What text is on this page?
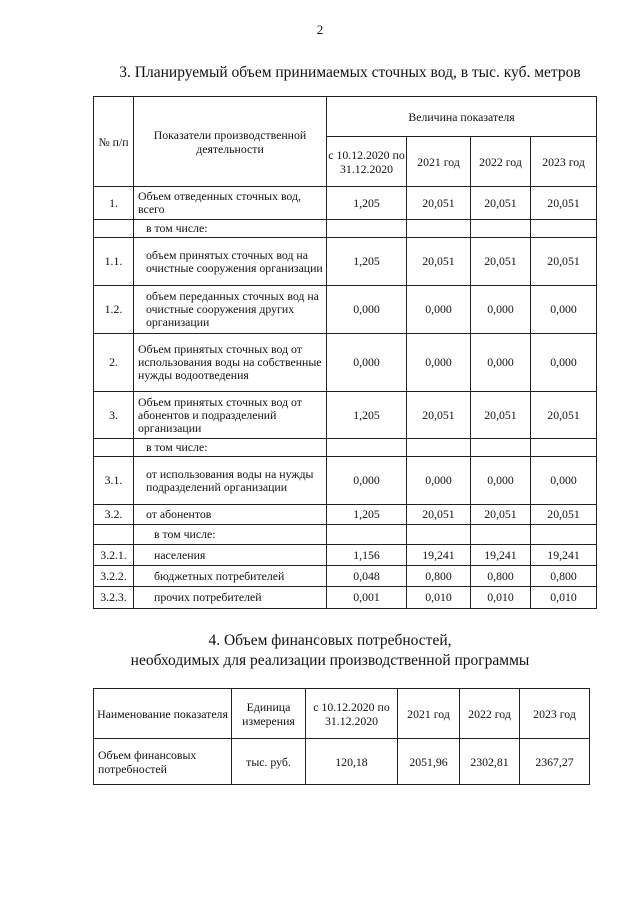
2
3. Планируемый объем принимаемых сточных вод, в тыс. куб. метров
№ п/п	Показатели производственной деятельности	Величина показателя			
		с 10.12.2020 по 31.12.2020	2021 год	2022 год	2023 год
1.	Объем отведенных сточных вод, всего	1,205	20,051	20,051	20,051
	в том числе:				
1.1.	объем принятых сточных вод на очистные сооружения организации	1,205	20,051	20,051	20,051
1.2.	объем переданных сточных вод на очистные сооружения других организации	0,000	0,000	0,000	0,000
2.	Объем принятых сточных вод от использования воды на собственные нужды водоотведения	0,000	0,000	0,000	0,000
3.	Объем принятых сточных вод от абонентов и подразделений организации	1,205	20,051	20,051	20,051
	в том числе:				
3.1.	от использования воды на нужды подразделений организации	0,000	0,000	0,000	0,000
3.2.	от абонентов	1,205	20,051	20,051	20,051
	в том числе:				
3.2.1.	населения	1,156	19,241	19,241	19,241
3.2.2.	бюджетных потребителей	0,048	0,800	0,800	0,800
3.2.3.	прочих потребителей	0,001	0,010	0,010	0,010
4. Объем финансовых потребностей,
необходимых для реализации производственной программы
Наименование показателя	Единица измерения	с 10.12.2020 по 31.12.2020	2021 год	2022 год	2023 год
Объем финансовых потребностей	тыс. руб.	120,18	2051,96	2302,81	2367,27
